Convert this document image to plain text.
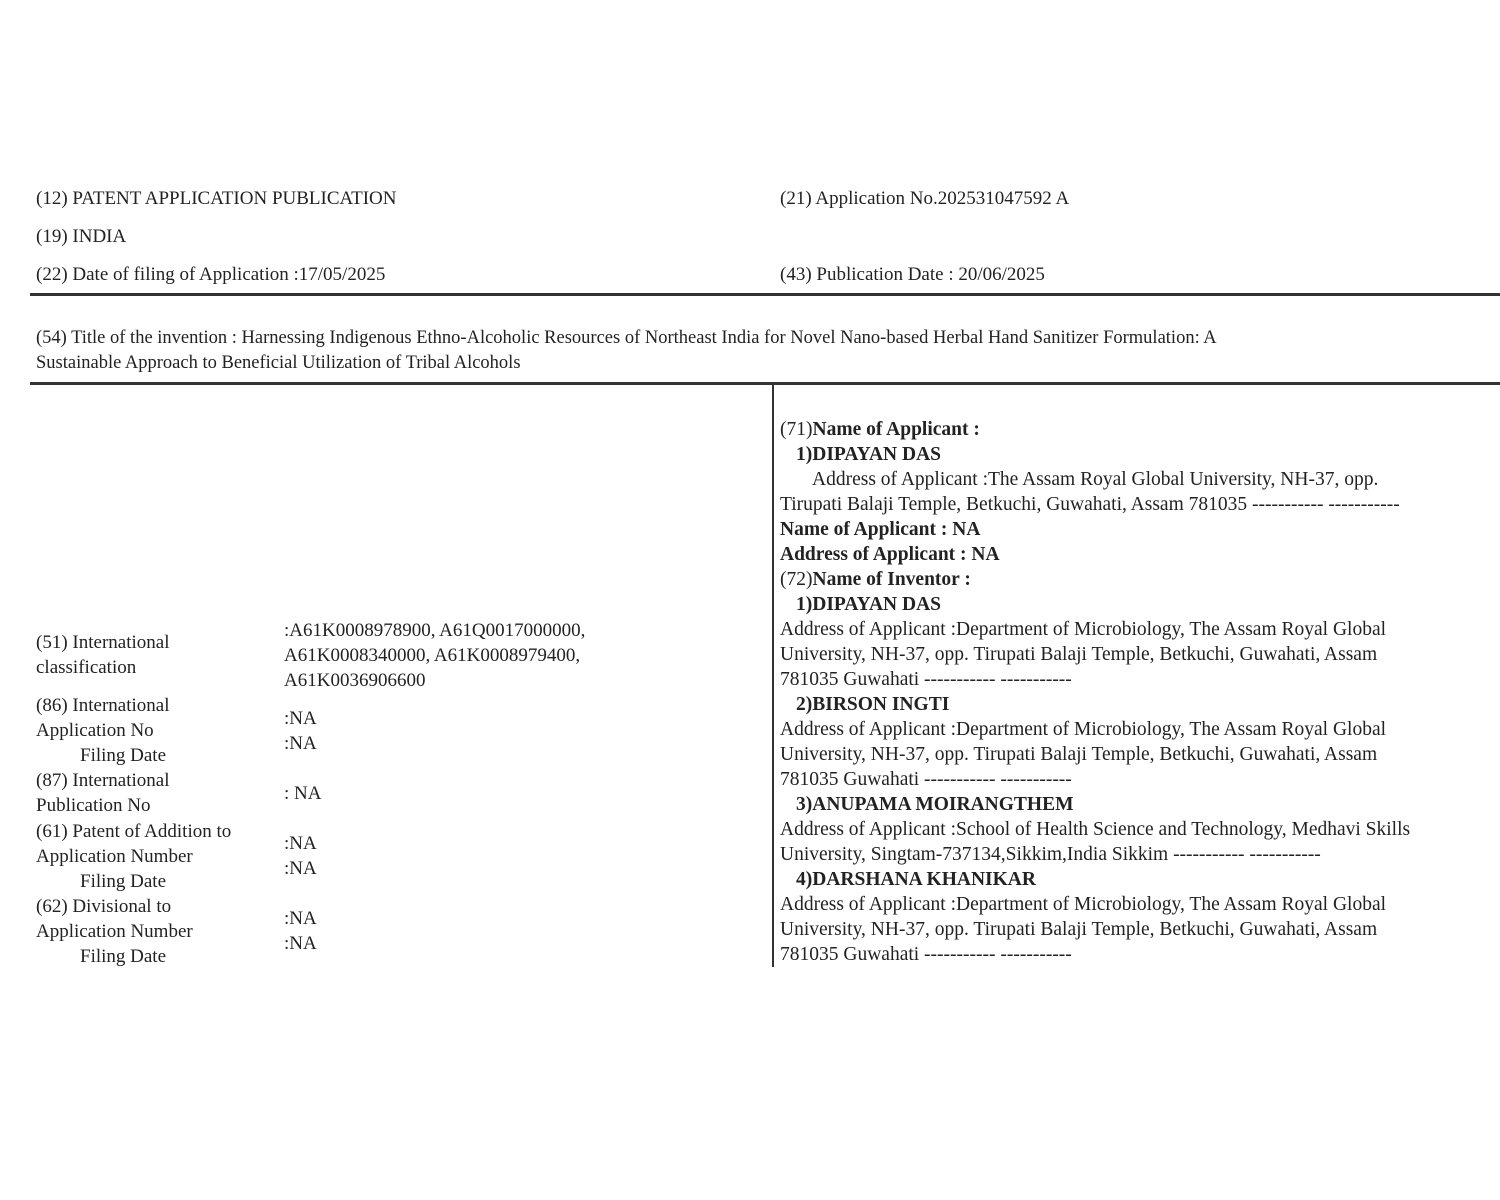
(12) PATENT APPLICATION PUBLICATION	(21) Application No.202531047592 A
(19) INDIA
(22) Date of filing of Application :17/05/2025	(43) Publication Date : 20/06/2025
(54) Title of the invention : Harnessing Indigenous Ethno-Alcoholic Resources of Northeast India for Novel Nano-based Herbal Hand Sanitizer Formulation: A
Sustainable Approach to Beneficial Utilization of Tribal Alcohols
(51) International
classification
:A61K0008978900, A61Q0017000000,
A61K0008340000, A61K0008979400,
A61K0036906600
(86) International
Application No
Filing Date
:NA
:NA
(87) International
Publication No
: NA
(61) Patent of Addition to
Application Number
Filing Date
:NA
:NA
(62) Divisional to
Application Number
Filing Date
:NA
:NA
(71)Name of Applicant :
1)DIPAYAN DAS
Address of Applicant :The Assam Royal Global University, NH-37, opp.
Tirupati Balaji Temple, Betkuchi, Guwahati, Assam 781035 ----------- -----------
Name of Applicant : NA
Address of Applicant : NA
(72)Name of Inventor :
1)DIPAYAN DAS
Address of Applicant :Department of Microbiology, The Assam Royal Global
University, NH-37, opp. Tirupati Balaji Temple, Betkuchi, Guwahati, Assam
781035 Guwahati ----------- -----------
2)BIRSON INGTI
Address of Applicant :Department of Microbiology, The Assam Royal Global
University, NH-37, opp. Tirupati Balaji Temple, Betkuchi, Guwahati, Assam
781035 Guwahati ----------- -----------
3)ANUPAMA MOIRANGTHEM
Address of Applicant :School of Health Science and Technology, Medhavi Skills
University, Singtam-737134,Sikkim,India Sikkim ----------- -----------
4)DARSHANA KHANIKAR
Address of Applicant :Department of Microbiology, The Assam Royal Global
University, NH-37, opp. Tirupati Balaji Temple, Betkuchi, Guwahati, Assam
781035 Guwahati ----------- -----------
